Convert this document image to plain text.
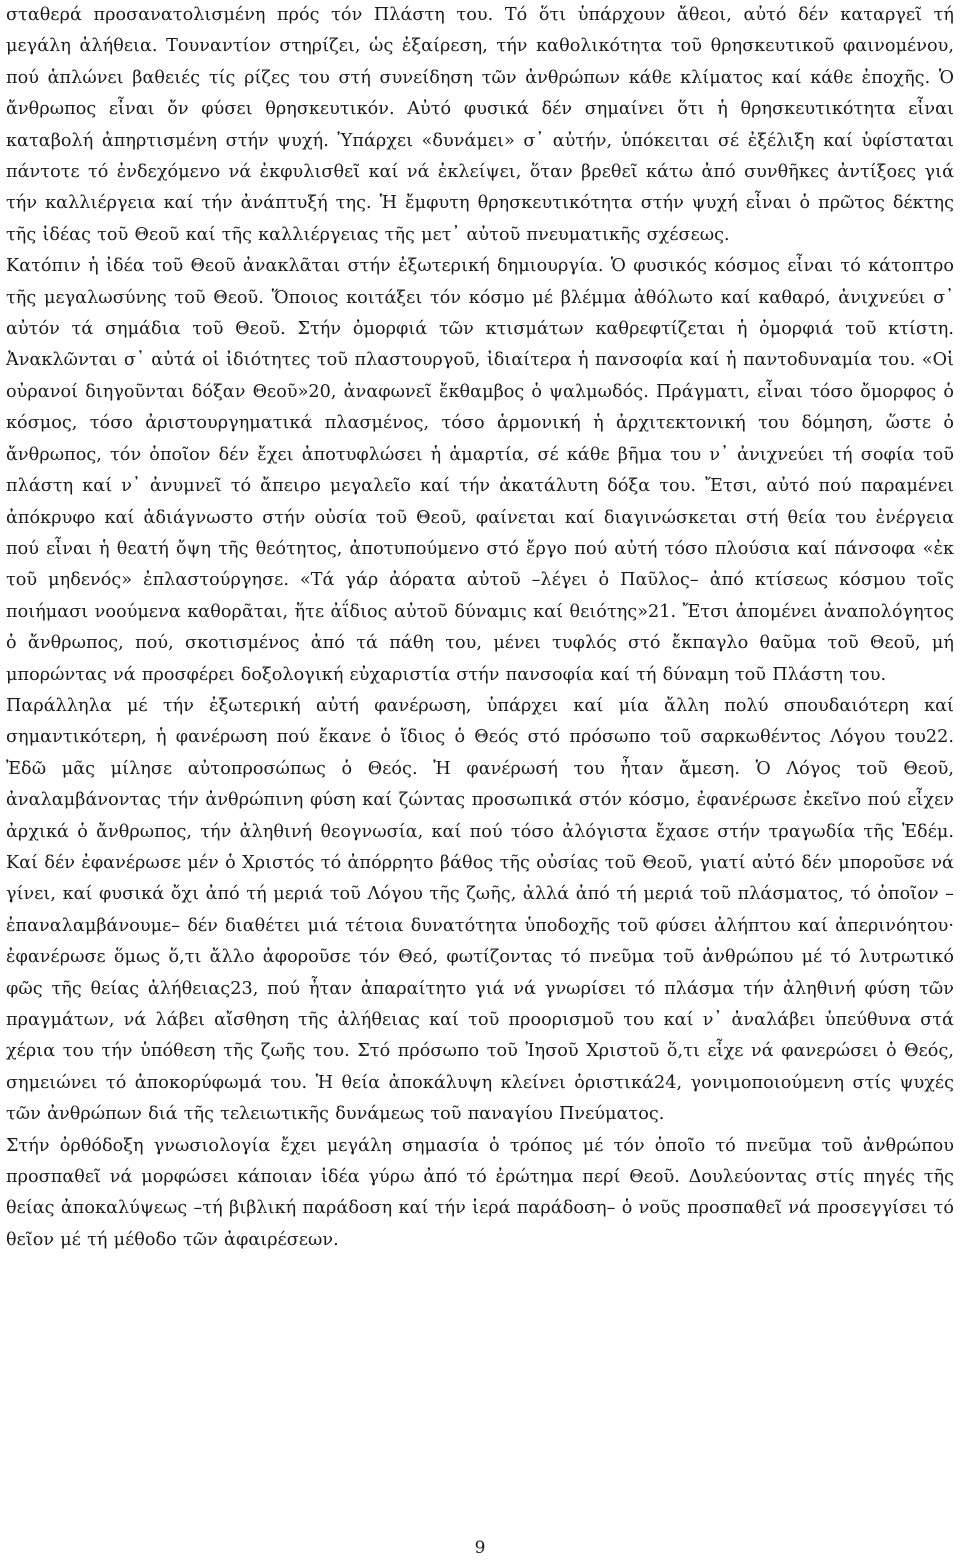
σταθερά προσανατολισμένη πρός τόν Πλάστη του. Τό ὅτι ὑπάρχουν ἄθεοι, αὐτό δέν καταργεῖ τή μεγάλη ἀλήθεια. Τουναντίον στηρίζει, ὡς ἐξαίρεση, τήν καθολικότητα τοῦ θρησκευτικοῦ φαινομένου, πού ἁπλώνει βαθειές τίς ρίζες του στή συνείδηση τῶν ἀνθρώπων κάθε κλίματος καί κάθε ἐποχῆς. Ὁ ἄνθρωπος εἶναι ὄν φύσει θρησκευτικόν. Αὐτό φυσικά δέν σημαίνει ὅτι ἡ θρησκευτικότητα εἶναι καταβολή ἀπηρτισμένη στήν ψυχή. Ὑπάρχει «δυνάμει» σ᾽ αὐτήν, ὑπόκειται σέ ἐξέλιξη καί ὑφίσταται πάντοτε τό ἐνδεχόμενο νά ἐκφυλισθεῖ καί νά ἐκλείψει, ὅταν βρεθεῖ κάτω ἀπό συνθῆκες ἀντίξοες γιά τήν καλλιέργεια καί τήν ἀνάπτυξή της. Ἡ ἔμφυτη θρησκευτικότητα στήν ψυχή εἶναι ὁ πρῶτος δέκτης τῆς ἰδέας τοῦ Θεοῦ καί τῆς καλλιέργειας τῆς μετ᾽ αὐτοῦ πνευματικῆς σχέσεως.

Κατόπιν ἡ ἰδέα τοῦ Θεοῦ ἀνακλᾶται στήν ἐξωτερική δημιουργία. Ὁ φυσικός κόσμος εἶναι τό κάτοπτρο τῆς μεγαλωσύνης τοῦ Θεοῦ. Ὅποιος κοιτάξει τόν κόσμο μέ βλέμμα ἀθόλωτο καί καθαρό, ἀνιχνεύει σ᾽ αὐτόν τά σημάδια τοῦ Θεοῦ. Στήν ὀμορφιά τῶν κτισμάτων καθρεφτίζεται ἡ ὀμορφιά τοῦ κτίστη. Ἀνακλῶνται σ᾽ αὐτά οἱ ἰδιότητες τοῦ πλαστουργοῦ, ἰδιαίτερα ἡ πανσοφία καί ἡ παντοδυναμία του. «Οἱ οὐρανοί διηγοῦνται δόξαν Θεοῦ»20, ἀναφωνεῖ ἔκθαμβος ὁ ψαλμωδός. Πράγματι, εἶναι τόσο ὄμορφος ὁ κόσμος, τόσο ἀριστουργηματικά πλασμένος, τόσο ἁρμονική ἡ ἀρχιτεκτονική του δόμηση, ὥστε ὁ ἄνθρωπος, τόν ὁποῖον δέν ἔχει ἀποτυφλώσει ἡ ἁμαρτία, σέ κάθε βῆμα του ν᾽ ἀνιχνεύει τή σοφία τοῦ πλάστη καί ν᾽ ἀνυμνεῖ τό ἄπειρο μεγαλεῖο καί τήν ἀκατάλυτη δόξα του. Ἔτσι, αὐτό πού παραμένει ἀπόκρυφο καί ἀδιάγνωστο στήν οὐσία τοῦ Θεοῦ, φαίνεται καί διαγινώσκεται στή θεία του ἐνέργεια πού εἶναι ἡ θεατή ὄψη τῆς θεότητος, ἀποτυπούμενο στό ἔργο πού αὐτή τόσο πλούσια καί πάνσοφα «ἐκ τοῦ μηδενός» ἐπλαστούργησε. «Τά γάρ ἀόρατα αὐτοῦ –λέγει ὁ Παῦλος– ἀπό κτίσεως κόσμου τοῖς ποιήμασι νοούμενα καθορᾶται, ἥτε ἀΐδιος αὐτοῦ δύναμις καί θειότης»21. Ἔτσι ἀπομένει ἀναπολόγητος ὁ ἄνθρωπος, πού, σκοτισμένος ἀπό τά πάθη του, μένει τυφλός στό ἔκπαγλο θαῦμα τοῦ Θεοῦ, μή μπορώντας νά προσφέρει δοξολογική εὐχαριστία στήν πανσοφία καί τή δύναμη τοῦ Πλάστη του.

Παράλληλα μέ τήν ἐξωτερική αὐτή φανέρωση, ὑπάρχει καί μία ἄλλη πολύ σπουδαιότερη καί σημαντικότερη, ἡ φανέρωση πού ἔκανε ὁ ἴδιος ὁ Θεός στό πρόσωπο τοῦ σαρκωθέντος Λόγου του22. Ἐδῶ μᾶς μίλησε αὐτοπροσώπως ὁ Θεός. Ἡ φανέρωσή του ἦταν ἄμεση. Ὁ Λόγος τοῦ Θεοῦ, ἀναλαμβάνοντας τήν ἀνθρώπινη φύση καί ζώντας προσωπικά στόν κόσμο, ἐφανέρωσε ἐκεῖνο πού εἶχεν ἀρχικά ὁ ἄνθρωπος, τήν ἀληθινή θεογνωσία, καί πού τόσο ἀλόγιστα ἔχασε στήν τραγωδία τῆς Ἐδέμ. Καί δέν ἐφανέρωσε μέν ὁ Χριστός τό ἀπόρρητο βάθος τῆς οὐσίας τοῦ Θεοῦ, γιατί αὐτό δέν μποροῦσε νά γίνει, καί φυσικά ὄχι ἀπό τή μεριά τοῦ Λόγου τῆς ζωῆς, ἀλλά ἀπό τή μεριά τοῦ πλάσματος, τό ὁποῖον –ἐπαναλαμβάνουμε– δέν διαθέτει μιά τέτοια δυνατότητα ὑποδοχῆς τοῦ φύσει ἀλήπτου καί ἀπερινόητου· ἐφανέρωσε ὅμως ὅ,τι ἄλλο ἀφοροῦσε τόν Θεό, φωτίζοντας τό πνεῦμα τοῦ ἀνθρώπου μέ τό λυτρωτικό φῶς τῆς θείας ἀλήθειας23, πού ἦταν ἀπαραίτητο γιά νά γνωρίσει τό πλάσμα τήν ἀληθινή φύση τῶν πραγμάτων, νά λάβει αἴσθηση τῆς ἀλήθειας καί τοῦ προορισμοῦ του καί ν᾽ ἀναλάβει ὑπεύθυνα στά χέρια του τήν ὑπόθεση τῆς ζωῆς του. Στό πρόσωπο τοῦ Ἰησοῦ Χριστοῦ ὅ,τι εἶχε νά φανερώσει ὁ Θεός, σημειώνει τό ἀποκορύφωμά του. Ἡ θεία ἀποκάλυψη κλείνει ὁριστικά24, γονιμοποιούμενη στίς ψυχές τῶν ἀνθρώπων διά τῆς τελειωτικῆς δυνάμεως τοῦ παναγίου Πνεύματος.

Στήν ὀρθόδοξη γνωσιολογία ἔχει μεγάλη σημασία ὁ τρόπος μέ τόν ὁποῖο τό πνεῦμα τοῦ ἀνθρώπου προσπαθεῖ νά μορφώσει κάποιαν ἰδέα γύρω ἀπό τό ἐρώτημα περί Θεοῦ. Δουλεύοντας στίς πηγές τῆς θείας ἀποκαλύψεως –τή βιβλική παράδοση καί τήν ἱερά παράδοση– ὁ νοῦς προσπαθεῖ νά προσεγγίσει τό θεῖον μέ τή μέθοδο τῶν ἀφαιρέσεων.

9
